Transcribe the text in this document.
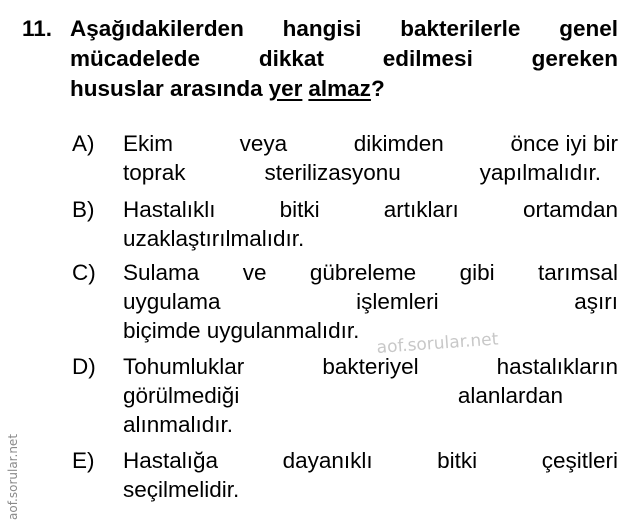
11. Aşağıdakilerden hangisi bakterilerle genel
mücadelede	dikkat	edilmesi	gereken
hususlar arasında yer almaz ?
A)	Ekim	veya	dikimden	önce iyi bir
toprak	sterilizasyonu	yapılmalıdır.
B)	Hastalıklı	bitki	artıkları	ortamdan
uzaklaştırılmalıdır.
C)	Sulama ve gübreleme gibi tarımsal
uygulama	işlemleri	aşırı
biçimde uygulanmalıdır.
D)	Tohumluklar	bakteriyel	hastalıkların
görülmediği	alanlardan
alınmalıdır.
E)	Hastalığa	dayanıklı	bitki	çeşitleri
seçilmelidir.
aof.sorular.net
aof.sorular.net
